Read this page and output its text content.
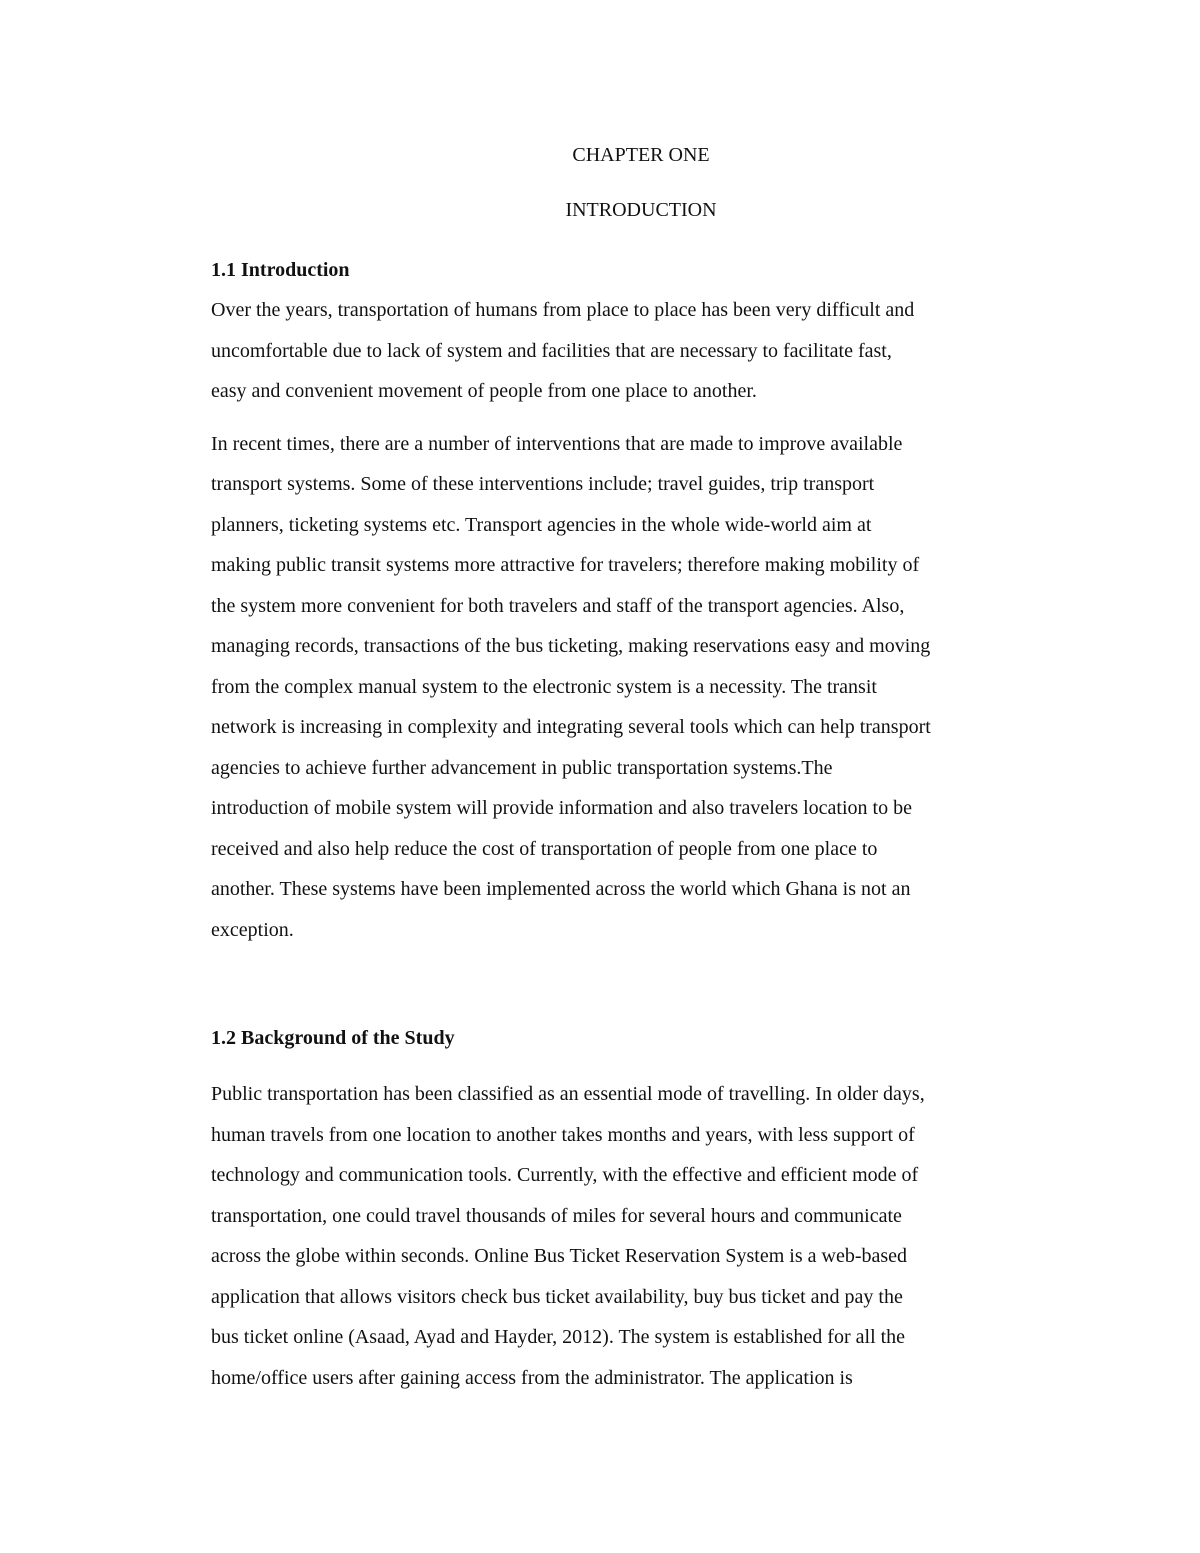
CHAPTER ONE

INTRODUCTION

1.1 Introduction

Over the years, transportation of humans from place to place has been very difficult and
uncomfortable due to lack of system and facilities that are necessary to facilitate fast,
easy and convenient movement of people from one place to another.

In recent times, there are a number of interventions that are made to improve available
transport systems. Some of these interventions include; travel guides, trip transport
planners, ticketing systems etc. Transport agencies in the whole wide-world aim at
making public transit systems more attractive for travelers; therefore making mobility of
the system more convenient for both travelers and staff of the transport agencies. Also,
managing records, transactions of the bus ticketing, making reservations easy and moving
from the complex manual system to the electronic system is a necessity. The transit
network is increasing in complexity and integrating several tools which can help transport
agencies to achieve further advancement in public transportation systems.The
introduction of mobile system will provide information and also travelers location to be
received and also help reduce the cost of transportation of people from one place to
another. These systems have been implemented across the world which Ghana is not an
exception.

1.2 Background of the Study

Public transportation has been classified as an essential mode of travelling. In older days,
human travels from one location to another takes months and years, with less support of
technology and communication tools. Currently, with the effective and efficient mode of
transportation, one could travel thousands of miles for several hours and communicate
across the globe within seconds. Online Bus Ticket Reservation System is a web-based
application that allows visitors check bus ticket availability, buy bus ticket and pay the
bus ticket online (Asaad, Ayad and Hayder, 2012). The system is established for all the
home/office users after gaining access from the administrator. The application is
